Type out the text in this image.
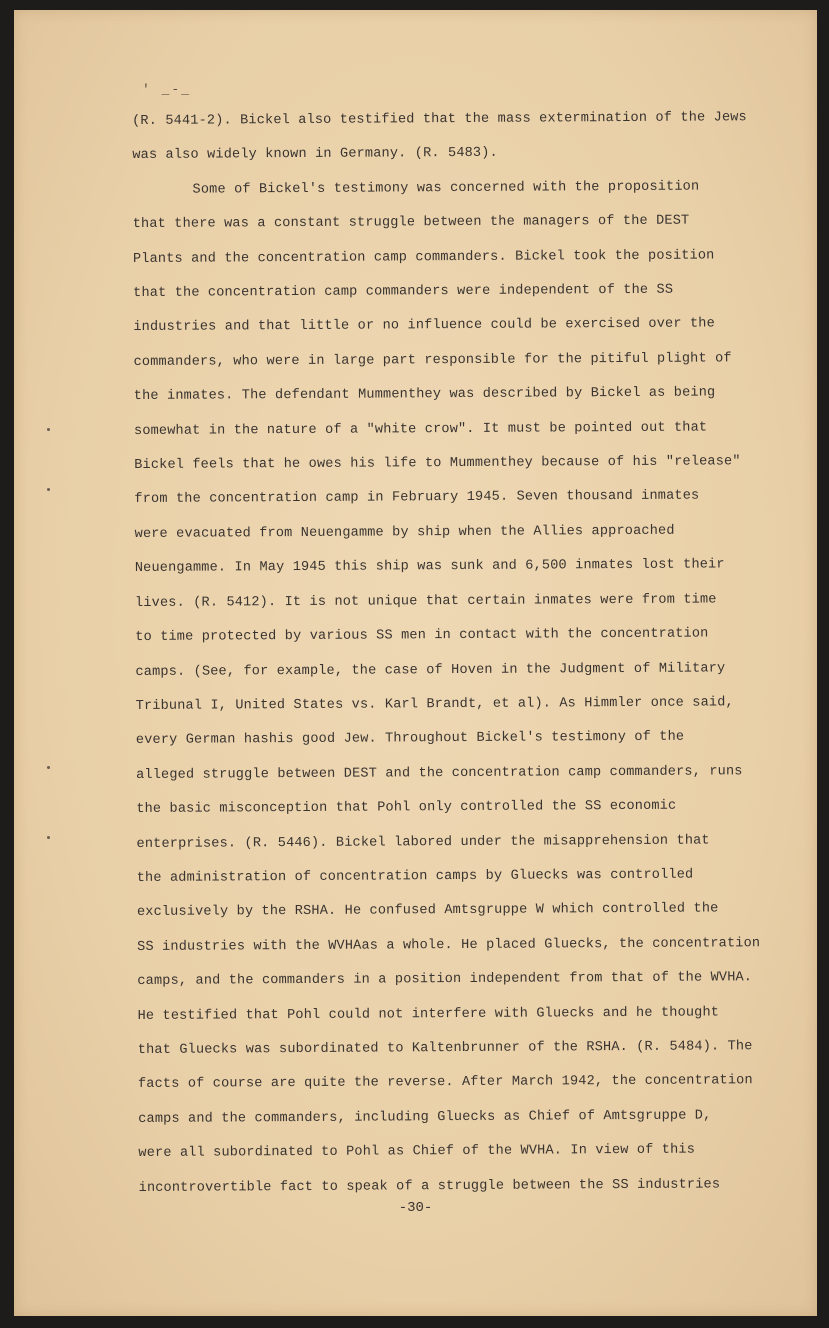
' _-_
(R. 5441-2). Bickel also testified that the mass extermination of the Jews
was also widely known in Germany. (R. 5483).
Some of Bickel's testimony was concerned with the proposition
that there was a constant struggle between the managers of the DEST
Plants and the concentration camp commanders. Bickel took the position
that the concentration camp commanders were independent of the SS
industries and that little or no influence could be exercised over the
commanders, who were in large part responsible for the pitiful plight of
the inmates. The defendant Mummenthey was described by Bickel as being
somewhat in the nature of a "white crow". It must be pointed out that
Bickel feels that he owes his life to Mummenthey because of his "release"
from the concentration camp in February 1945. Seven thousand inmates
were evacuated from Neuengamme by ship when the Allies approached
Neuengamme. In May 1945 this ship was sunk and 6,500 inmates lost their
lives. (R. 5412). It is not unique that certain inmates were from time
to time protected by various SS men in contact with the concentration
camps. (See, for example, the case of Hoven in the Judgment of Military
Tribunal I, United States vs. Karl Brandt, et al). As Himmler once said,
every German hashis good Jew. Throughout Bickel's testimony of the
alleged struggle between DEST and the concentration camp commanders, runs
the basic misconception that Pohl only controlled the SS economic
enterprises. (R. 5446). Bickel labored under the misapprehension that
the administration of concentration camps by Gluecks was controlled
exclusively by the RSHA. He confused Amtsgruppe W which controlled the
SS industries with the WVHAas a whole. He placed Gluecks, the concentration
camps, and the commanders in a position independent from that of the WVHA.
He testified that Pohl could not interfere with Gluecks and he thought
that Gluecks was subordinated to Kaltenbrunner of the RSHA. (R. 5484). The
facts of course are quite the reverse. After March 1942, the concentration
camps and the commanders, including Gluecks as Chief of Amtsgruppe D,
were all subordinated to Pohl as Chief of the WVHA. In view of this
incontrovertible fact to speak of a struggle between the SS industries
-30-
